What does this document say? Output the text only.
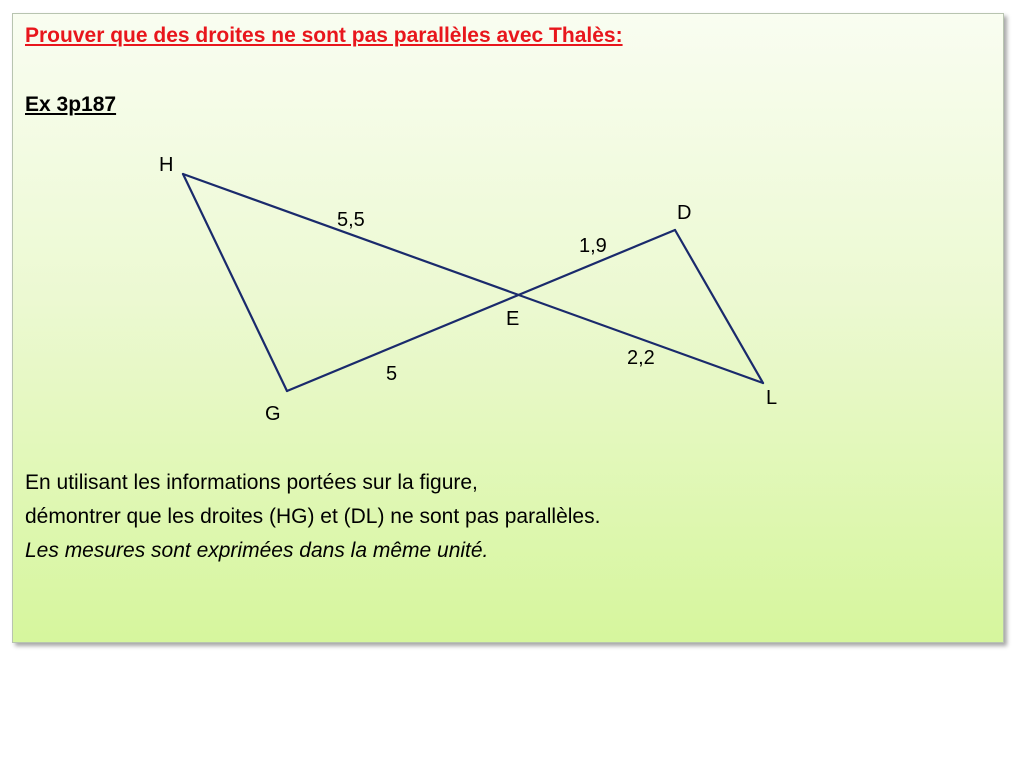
Prouver que des droites ne sont pas parallèles avec Thalès:

Ex 3p187

H
D
E
G
L
5,5
1,9
2,2
5
En utilisant les informations portées sur la figure,
démontrer que les droites (HG) et (DL) ne sont pas parallèles.
Les mesures sont exprimées dans la même unité.
